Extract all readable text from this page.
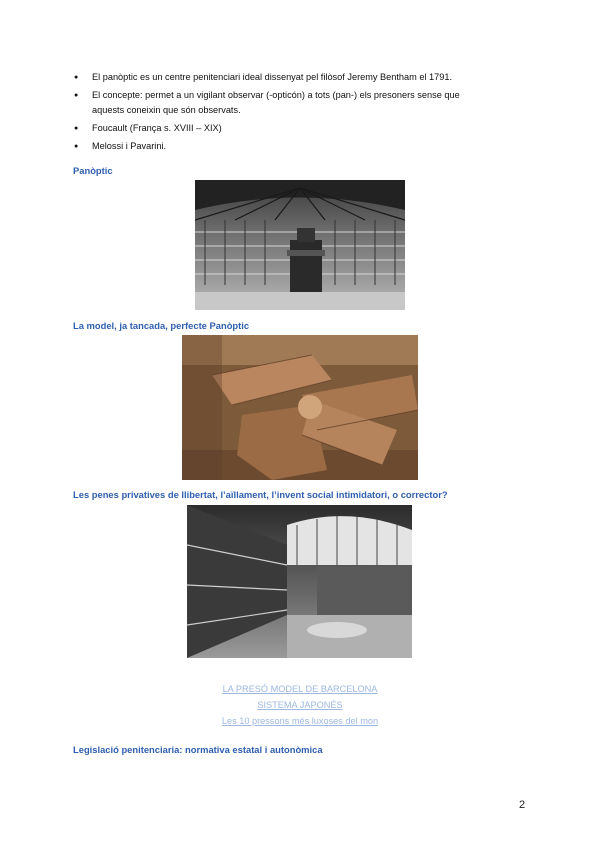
● El panòptic es un centre penitenciari ideal dissenyat pel filòsof Jeremy Bentham el 1791.
● El concepte: permet a un vigilant observar (-opticón) a tots (pan-) els presoners sense que
aquests coneixin que són observats.
● Foucault (França s. XVIII – XIX)
● Melossi i Pavarini.
Panòptic
La model, ja tancada, perfecte Panòptic
Les penes privatives de llibertat, l’aïllament, l’invent social intimidatori, o corrector?
LA PRESÓ MODEL DE BARCELONA
SISTEMA JAPONÉS
Les 10 pressons més luxoses del mon
Legislació penitenciaria: normativa estatal i autonòmica
2
